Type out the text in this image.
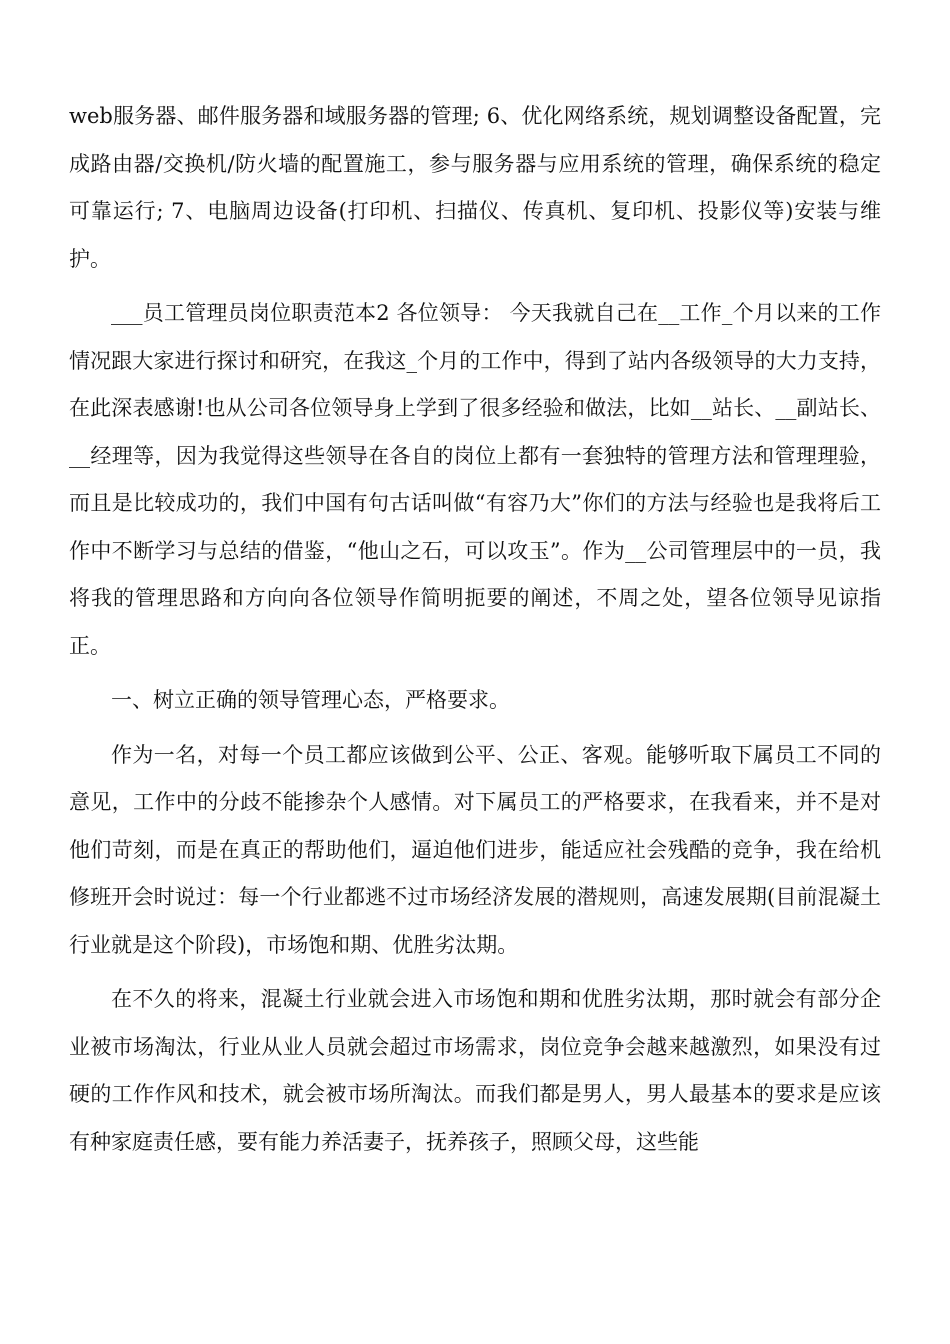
web服务器、邮件服务器和域服务器的管理; 6、优化网络系统，规划调整设备配置，完成路由器/交换机/防火墙的配置施工，参与服务器与应用系统的管理，确保系统的稳定可靠运行; 7、电脑周边设备(打印机、扫描仪、传真机、复印机、投影仪等)安装与维护。

___员工管理员岗位职责范本2 各位领导： 今天我就自己在__工作_个月以来的工作情况跟大家进行探讨和研究，在我这_个月的工作中，得到了站内各级领导的大力支持，在此深表感谢!也从公司各位领导身上学到了很多经验和做法，比如__站长、__副站长、__经理等，因为我觉得这些领导在各自的岗位上都有一套独特的管理方法和管理理验，而且是比较成功的，我们中国有句古话叫做“有容乃大”你们的方法与经验也是我将后工作中不断学习与总结的借鉴，“他山之石，可以攻玉”。作为__公司管理层中的一员，我将我的管理思路和方向向各位领导作简明扼要的阐述，不周之处，望各位领导见谅指正。

一、树立正确的领导管理心态，严格要求。

作为一名，对每一个员工都应该做到公平、公正、客观。能够听取下属员工不同的意见，工作中的分歧不能掺杂个人感情。对下属员工的严格要求，在我看来，并不是对他们苛刻，而是在真正的帮助他们，逼迫他们进步，能适应社会残酷的竞争，我在给机修班开会时说过：每一个行业都逃不过市场经济发展的潜规则，高速发展期(目前混凝土行业就是这个阶段)，市场饱和期、优胜劣汰期。

在不久的将来，混凝土行业就会进入市场饱和期和优胜劣汰期，那时就会有部分企业被市场淘汰，行业从业人员就会超过市场需求，岗位竞争会越来越激烈，如果没有过硬的工作作风和技术，就会被市场所淘汰。而我们都是男人，男人最基本的要求是应该有种家庭责任感，要有能力养活妻子，抚养孩子，照顾父母，这些能
